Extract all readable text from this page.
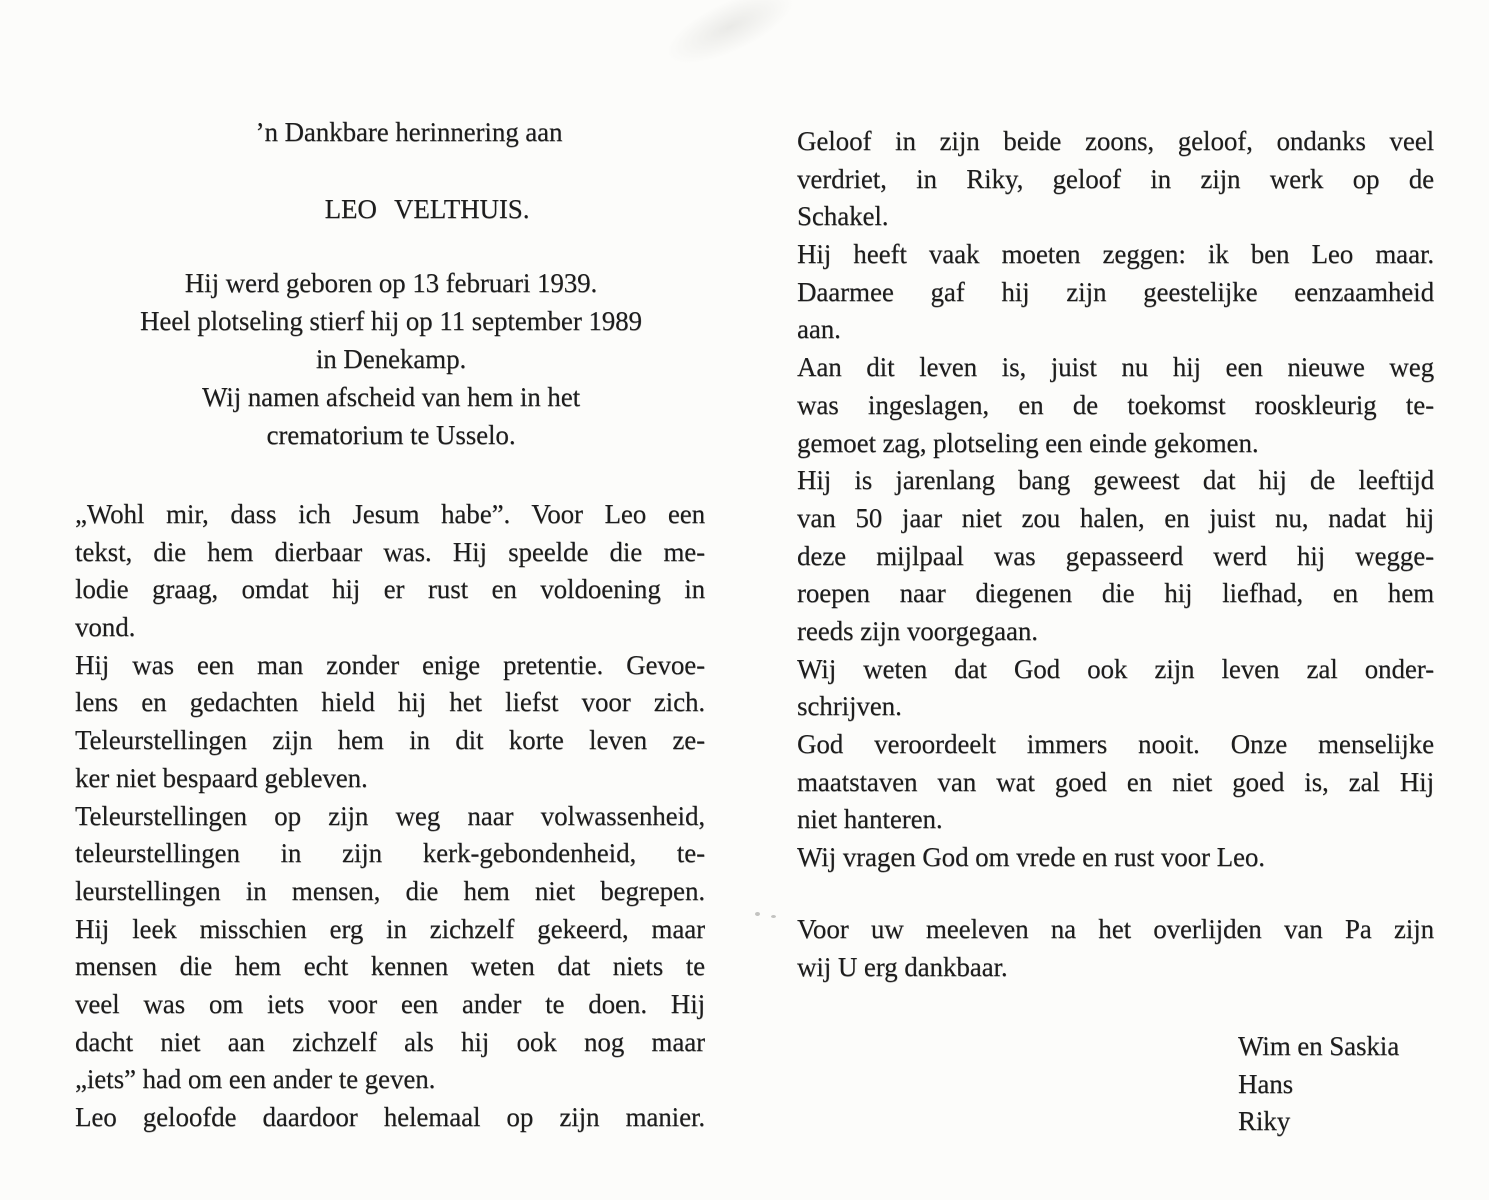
’n Dankbare herinnering aan
LEO VELTHUIS.
Hij werd geboren op 13 februari 1939.
Heel plotseling stierf hij op 11 september 1989
in Denekamp.
Wij namen afscheid van hem in het
crematorium te Usselo.
„Wohl mir, dass ich Jesum habe”. Voor Leo een
tekst, die hem dierbaar was. Hij speelde die me-
lodie graag, omdat hij er rust en voldoening in
vond.
Hij was een man zonder enige pretentie. Gevoe-
lens en gedachten hield hij het liefst voor zich.
Teleurstellingen zijn hem in dit korte leven ze-
ker niet bespaard gebleven.
Teleurstellingen op zijn weg naar volwassenheid,
teleurstellingen in zijn kerk-gebondenheid, te-
leurstellingen in mensen, die hem niet begrepen.
Hij leek misschien erg in zichzelf gekeerd, maar
mensen die hem echt kennen weten dat niets te
veel was om iets voor een ander te doen. Hij
dacht niet aan zichzelf als hij ook nog maar
„iets” had om een ander te geven.
Leo geloofde daardoor helemaal op zijn manier.
Geloof in zijn beide zoons, geloof, ondanks veel
verdriet, in Riky, geloof in zijn werk op de
Schakel.
Hij heeft vaak moeten zeggen: ik ben Leo maar.
Daarmee gaf hij zijn geestelijke eenzaamheid
aan.
Aan dit leven is, juist nu hij een nieuwe weg
was ingeslagen, en de toekomst rooskleurig te-
gemoet zag, plotseling een einde gekomen.
Hij is jarenlang bang geweest dat hij de leeftijd
van 50 jaar niet zou halen, en juist nu, nadat hij
deze mijlpaal was gepasseerd werd hij wegge-
roepen naar diegenen die hij liefhad, en hem
reeds zijn voorgegaan.
Wij weten dat God ook zijn leven zal onder-
schrijven.
God veroordeelt immers nooit. Onze menselijke
maatstaven van wat goed en niet goed is, zal Hij
niet hanteren.
Wij vragen God om vrede en rust voor Leo.
Voor uw meeleven na het overlijden van Pa zijn
wij U erg dankbaar.
Wim en Saskia
Hans
Riky
